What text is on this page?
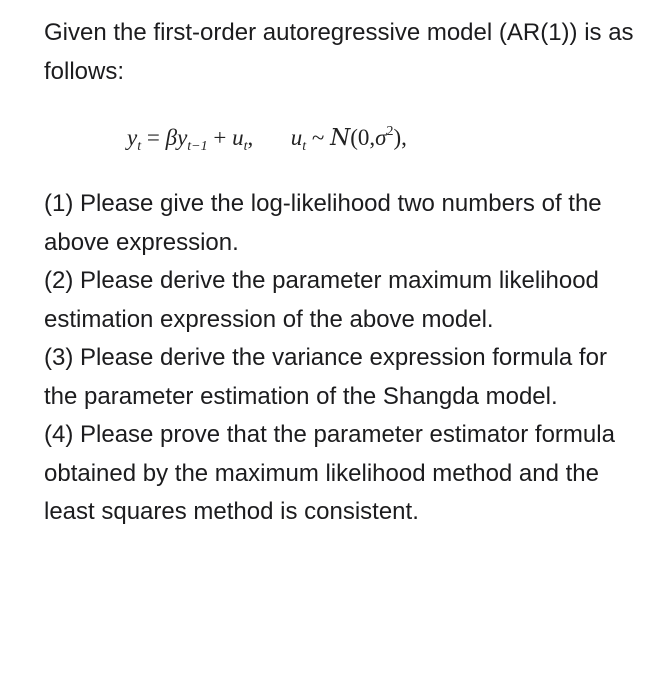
Given the first-order autoregressive model (AR(1)) is as follows:

$y_t = \beta y_{t-1} + u_t$, $u_t$ ~ $N(0,\sigma^2)$,

(1) Please give the log-likelihood two numbers of the above expression.

(2) Please derive the parameter maximum likelihood estimation expression of the above model.

(3) Please derive the variance expression formula for the parameter estimation of the Shangda model.

(4) Please prove that the parameter estimator formula obtained by the maximum likelihood method and the least squares method is consistent.
